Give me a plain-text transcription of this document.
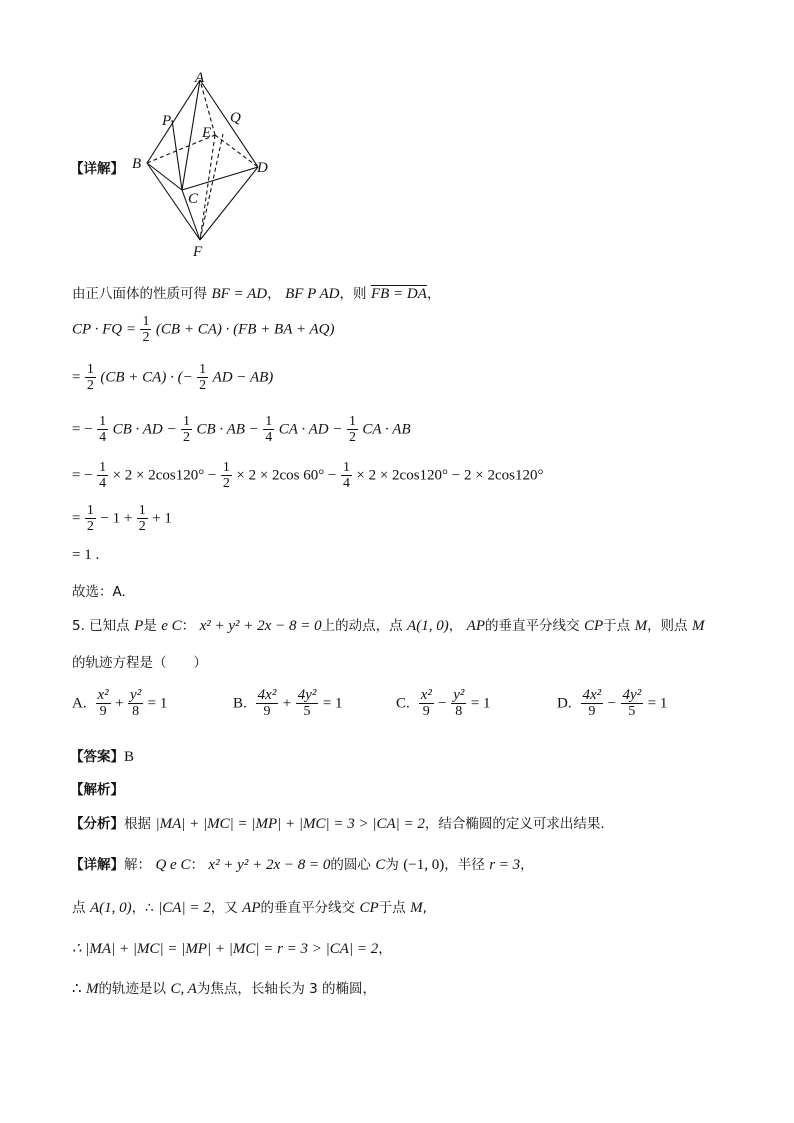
A
P	Q
E
B
C
D
F
【详解】
由正八面体的性质可得 BF = AD， BF P AD，则 FB = DA，
CP · FQ = $\frac{1}{2} (CB + CA) \cdot (FB$ + BA + AQ)
= $\frac{1}{2} (CB + CA)$ · (− $\frac{1}{2}$ AD − AB)
= − $\frac{1}{4}$ CB · AD − $\frac{1}{2}$ CB · AB − $\frac{1}{4}$ CA · AD − $\frac{1}{2}$ CA · AB
= − $\frac{1}{4} \times 2 \times 2\cos 120^\circ - \frac{1}{2} \times 2 \times 2\cos$ $60^\circ - \frac{1}{4} \times 2 \times 2\cos 120^\circ - 2 \times 2\cos 120^\circ$
= $\frac{1}{2} - 1 + \frac{1}{2} + 1$
= 1 .
故选：A.
5. 已知点 P是 e C： x² + y² + 2x − 8 = 0上的动点，点 A(1, 0)， AP的垂直平分线交 CP于点 M，则点 M
的轨迹方程是（　　）
A. $\frac{\text{x²}}{9} + \frac{\text{y²}}{8} = 1$	B. $\frac{\text{4x²}}{9} + \frac{\text{4y²}}{5} = 1$	C. $\frac{\text{x²}}{9} - \frac{\text{y²}}{8} = 1$	D. $\frac{\text{4x²}}{9} - \frac{\text{4y²}}{5} = 1$
【答案】B
【解析】
【分析】根据 |MA| + |MC| = |MP| + |MC| = 3 > |CA| = 2，结合椭圆的定义可求出结果.
【详解】解： Q e C： x² + y² + 2x − 8 = 0的圆心 C为 (−1, 0)，半径 r = 3，
点 A(1, 0)，∴ |CA| = 2，又 AP的垂直平分线交 CP于点 M,
∴ |MA| + |MC| = |MP| + |MC| = r = 3 > |CA| = 2，
∴ M的轨迹是以 C, A为焦点，长轴长为 3 的椭圆，
